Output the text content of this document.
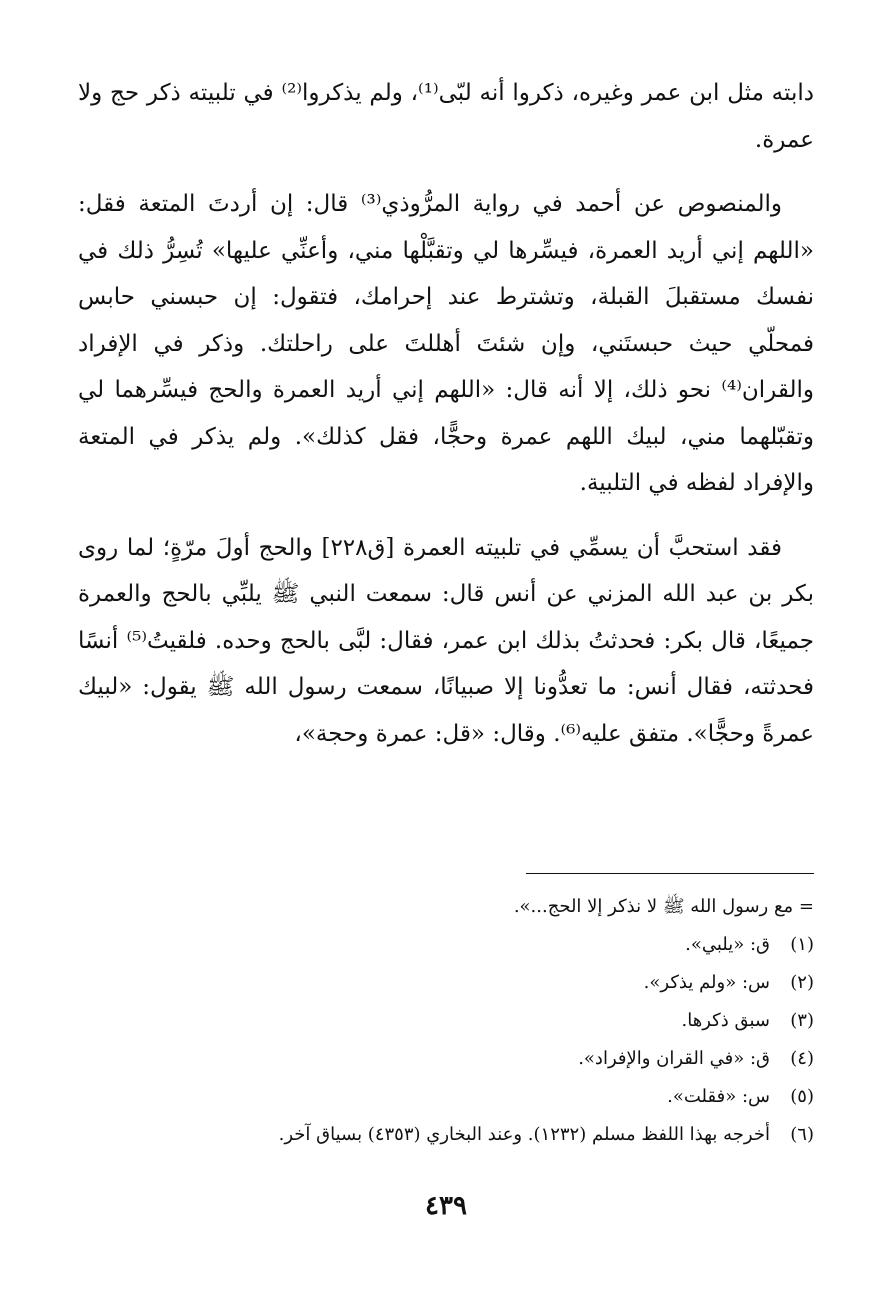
دابته مثل ابن عمر وغيره، ذكروا أنه لبّى⁽¹⁾، ولم يذكروا⁽²⁾ في تلبيته ذكر حج ولا عمرة.

والمنصوص عن أحمد في رواية المرُّوذي⁽³⁾ قال: إن أردتَ المتعة فقل: «اللهم إني أريد العمرة، فيسِّرها لي وتقبَّلْها مني، وأعنِّي عليها» تُسِرُّ ذلك في نفسك مستقبلَ القبلة، وتشترط عند إحرامك، فتقول: إن حبسني حابس فمحلّي حيث حبستَني، وإن شئتَ أهللتَ على راحلتك. وذكر في الإفراد والقران⁽⁴⁾ نحو ذلك، إلا أنه قال: «اللهم إني أريد العمرة والحج فيسِّرهما لي وتقبّلهما مني، لبيك اللهم عمرة وحجًّا، فقل كذلك». ولم يذكر في المتعة والإفراد لفظه في التلبية.

فقد استحبَّ أن يسمِّي في تلبيته العمرة [ق٢٢٨] والحج أولَ مرّةٍ؛ لما روى بكر بن عبد الله المزني عن أنس قال: سمعت النبي ﷺ يلبِّي بالحج والعمرة جميعًا، قال بكر: فحدثتُ بذلك ابن عمر، فقال: لبَّى بالحج وحده. فلقيتُ⁽⁵⁾ أنسًا فحدثته، فقال أنس: ما تعدُّونا إلا صبيانًا، سمعت رسول الله ﷺ يقول: «لبيك عمرةً وحجًّا». متفق عليه⁽⁶⁾. وقال: «قل: عمرة وحجة»،

= مع رسول الله ﷺ لا نذكر إلا الحج...».
(١)ق: «يلبي».
(٢)س: «ولم يذكر».
(٣)سبق ذكرها.
(٤)ق: «في القران والإفراد».
(٥)س: «فقلت».
(٦)أخرجه بهذا اللفظ مسلم (١٢٣٢). وعند البخاري (٤٣٥٣) بسياق آخر.
٤٣٩
